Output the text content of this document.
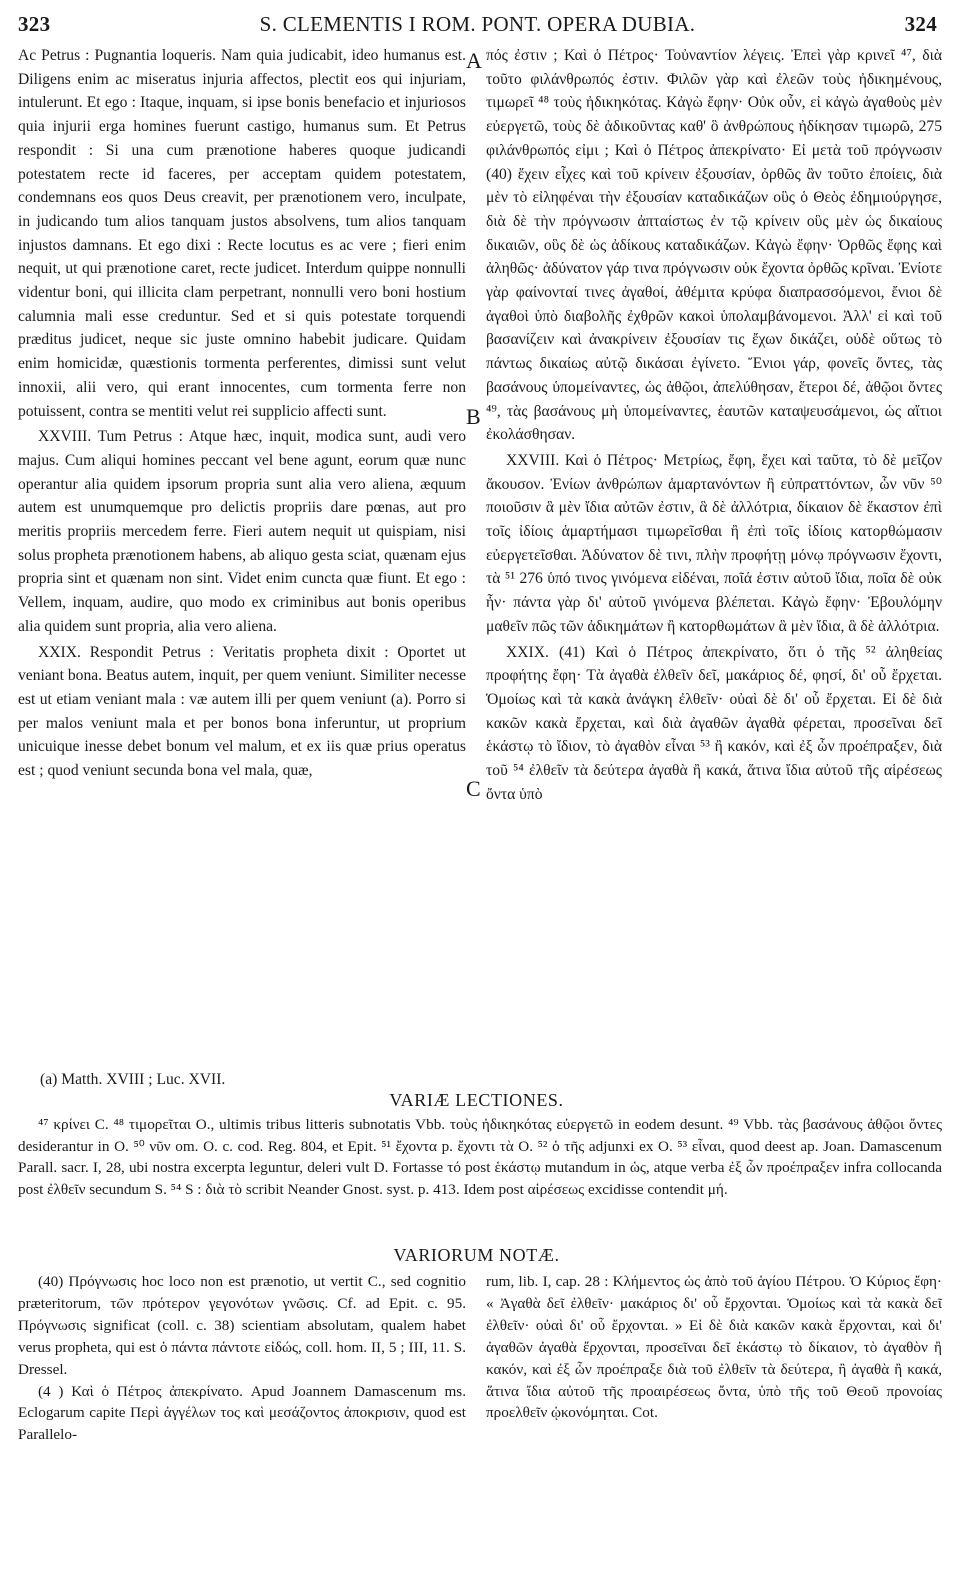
323	S. CLEMENTIS I ROM. PONT. OPERA DUBIA.	324

Ac Petrus : Pugnantia loqueris. Nam quia judicabit, ideo humanus est. Diligens enim ac miseratus injuria affectos, plectit eos qui injuriam, intulerunt. Et ego : Itaque, inquam, si ipse bonis benefacio et injuriosos quia injurii erga homines fuerunt castigo, humanus sum. Et Petrus respondit : Si una cum prænotione haberes quoque judicandi potestatem recte id faceres, per acceptam quidem potestatem, condemnans eos quos Deus creavit, per prænotionem vero, inculpate, in judicando tum alios tanquam justos absolvens, tum alios tanquam injustos damnans. Et ego dixi : Recte locutus es ac vere ; fieri enim nequit, ut qui prænotione caret, recte judicet. Interdum quippe nonnulli videntur boni, qui illicita clam perpetrant, nonnulli vero boni hostium calumnia mali esse creduntur. Sed et si quis potestate torquendi præditus judicet, neque sic juste omnino habebit judicare. Quidam enim homicidæ, quæstionis tormenta perferentes, dimissi sunt velut innoxii, alii vero, qui erant innocentes, cum tormenta ferre non potuissent, contra se mentiti velut rei supplicio affecti sunt.

XXVIII. Tum Petrus : Atque hæc, inquit, modica sunt, audi vero majus. Cum aliqui homines peccant vel bene agunt, eorum quæ nunc operantur alia quidem ipsorum propria sunt alia vero aliena, æquum autem est unumquemque pro delictis propriis dare pœnas, aut pro meritis propriis mercedem ferre. Fieri autem nequit ut quispiam, nisi solus propheta prænotionem habens, ab aliquo gesta sciat, quænam ejus propria sint et quænam non sint. Videt enim cuncta quæ fiunt. Et ego : Vellem, inquam, audire, quo modo ex criminibus aut bonis operibus alia quidem sunt propria, alia vero aliena.

XXIX. Respondit Petrus : Veritatis propheta dixit : Oportet ut veniant bona. Beatus autem, inquit, per quem veniunt. Similiter necesse est ut etiam veniant mala : væ autem illi per quem veniunt (a). Porro si per malos veniunt mala et per bonos bona inferuntur, ut proprium unicuique inesse debet bonum vel malum, et ex iis quæ prius operatus est ; quod veniunt secunda bona vel mala, quæ,

A
B
C

πός ἐστιν ; Καὶ ὁ Πέτρος· Τοὐναντίον λέγεις. Ἐπεὶ γὰρ κρινεῖ ⁴⁷, διὰ τοῦτο φιλάνθρωπός ἐστιν. Φιλῶν γὰρ καὶ ἐλεῶν τοὺς ἠδικημένους, τιμωρεῖ ⁴⁸ τοὺς ἠδικηκότας. Κἀγὼ ἔφην· Οὐκ οὖν, εἰ κἀγὼ ἀγαθοὺς μὲν εὐεργετῶ, τοὺς δὲ ἀδικοῦντας καθ' ὃ ἀνθρώπους ἠδίκησαν τιμωρῶ, 275 φιλάνθρωπός εἰμι ; Καὶ ὁ Πέτρος ἀπεκρίνατο· Εἰ μετὰ τοῦ πρόγνωσιν (40) ἔχειν εἶχες καὶ τοῦ κρίνειν ἐξουσίαν, ὀρθῶς ἂν τοῦτο ἐποίεις, διὰ μὲν τὸ εἰληφέναι τὴν ἐξουσίαν καταδικάζων οὓς ὁ Θεὸς ἐδημιούργησε, διὰ δὲ τὴν πρόγνωσιν ἀπταίστως ἐν τῷ κρίνειν οὓς μὲν ὡς δικαίους δικαιῶν, οὓς δὲ ὡς ἀδίκους καταδικάζων. Κἀγὼ ἔφην· Ὀρθῶς ἔφης καὶ ἀληθῶς· ἀδύνατον γάρ τινα πρόγνωσιν οὐκ ἔχοντα ὀρθῶς κρῖναι. Ἐνίοτε γὰρ φαίνονταί τινες ἀγαθοί, ἀθέμιτα κρύφα διαπρασσόμενοι, ἔνιοι δὲ ἀγαθοὶ ὑπὸ διαβολῆς ἐχθρῶν κακοὶ ὑπολαμβάνομενοι. Ἀλλ' εἰ καὶ τοῦ βασανίζειν καὶ ἀνακρίνειν ἐξουσίαν τις ἔχων δικάζει, οὐδὲ οὕτως τὸ πάντως δικαίως αὐτῷ δικάσαι ἐγίνετο. Ἔνιοι γάρ, φονεῖς ὄντες, τὰς βασάνους ὑπομείναντες, ὡς ἀθῷοι, ἀπελύθησαν, ἕτεροι δέ, ἀθῷοι ὄντες ⁴⁹, τὰς βασάνους μὴ ὑπομείναντες, ἑαυτῶν καταψευσάμενοι, ὡς αἴτιοι ἐκολάσθησαν.

XXVIII. Καὶ ὁ Πέτρος· Μετρίως, ἔφη, ἔχει καὶ ταῦτα, τὸ δὲ μεῖζον ἄκουσον. Ἐνίων ἀνθρώπων ἁμαρτανόντων ἢ εὐπραττόντων, ὧν νῦν ⁵⁰ ποιοῦσιν ἃ μὲν ἴδια αὐτῶν ἐστιν, ἃ δὲ ἀλλότρια, δίκαιον δὲ ἕκαστον ἐπὶ τοῖς ἰδίοις ἁμαρτήμασι τιμωρεῖσθαι ἢ ἐπὶ τοῖς ἰδίοις κατορθώμασιν εὐεργετεῖσθαι. Ἀδύνατον δὲ τινι, πλὴν προφήτῃ μόνῳ πρόγνωσιν ἔχοντι, τὰ ⁵¹ 276 ὑπό τινος γινόμενα εἰδέναι, ποῖά ἐστιν αὐτοῦ ἴδια, ποῖα δὲ οὐκ ἦν· πάντα γὰρ δι' αὐτοῦ γινόμενα βλέπεται. Κἀγὼ ἔφην· Ἐβουλόμην μαθεῖν πῶς τῶν ἀδικημάτων ἢ κατορθωμάτων ἃ μὲν ἴδια, ἃ δὲ ἀλλότρια.

XXIX. (41) Καὶ ὁ Πέτρος ἀπεκρίνατο, ὅτι ὁ τῆς ⁵² ἀληθείας προφήτης ἔφη· Τὰ ἀγαθὰ ἐλθεῖν δεῖ, μακάριος δέ, φησί, δι' οὗ ἔρχεται. Ὁμοίως καὶ τὰ κακὰ ἀνάγκη ἐλθεῖν· οὐαὶ δὲ δι' οὗ ἔρχεται. Εἰ δὲ διὰ κακῶν κακὰ ἔρχεται, καὶ διὰ ἀγαθῶν ἀγαθὰ φέρεται, προσεῖναι δεῖ ἑκάστῳ τὸ ἴδιον, τὸ ἀγαθὸν εἶναι ⁵³ ἢ κακόν, καὶ ἐξ ὧν προέπραξεν, διὰ τοῦ ⁵⁴ ἐλθεῖν τὰ δεύτερα ἀγαθὰ ἢ κακά, ἅτινα ἴδια αὐτοῦ τῆς αἱρέσεως ὄντα ὑπὸ

(a) Matth. XVIII ; Luc. XVII.
VARIÆ LECTIONES.

⁴⁷ κρίνει C. ⁴⁸ τιμορεῖται O., ultimis tribus litteris subnotatis Vbb. τοὺς ἠδικηκότας εὐεργετῶ in eodem desunt. ⁴⁹ Vbb. τὰς βασάνους ἀθῷοι ὄντες desiderantur in O. ⁵⁰ νῦν om. O. c. cod. Reg. 804, et Epit. ⁵¹ ἔχοντα p. ἔχοντι τὰ O. ⁵² ὁ τῆς adjunxi ex O. ⁵³ εἶναι, quod deest ap. Joan. Damascenum Parall. sacr. I, 28, ubi nostra excerpta leguntur, deleri vult D. Fortasse τό post ἑκάστῳ mutandum in ὡς, atque verba ἐξ ὧν προέπραξεν infra collocanda post ἐλθεῖν secundum S. ⁵⁴ S : διὰ τὸ scribit Neander Gnost. syst. p. 413. Idem post αἱρέσεως excidisse contendit μή.

VARIORUM NOTÆ.

(40) Πρόγνωσις hoc loco non est prænotio, ut vertit C., sed cognitio præteritorum, τῶν πρότερον γεγονότων γνῶσις. Cf. ad Epit. c. 95. Πρόγνωσις significat (coll. c. 38) scientiam absolutam, qualem habet verus propheta, qui est ὁ πάντα πάντοτε εἰδώς, coll. hom. II, 5 ; III, 11. S. Dressel.

(4 ) Καὶ ὁ Πέτρος ἀπεκρίνατο. Apud Joannem Damascenum ms. Eclogarum capite Περὶ ἀγγέλων τος καὶ μεσάζοντος ἀποκρισιν, quod est Parallelo-

rum, lib. I, cap. 28 : Κλήμεντος ὡς ἀπὸ τοῦ ἁγίου Πέτρου. Ὁ Κύριος ἔφη· « Ἀγαθὰ δεῖ ἐλθεῖν· μακάριος δι' οὗ ἔρχονται. Ὁμοίως καὶ τὰ κακὰ δεῖ ἐλθεῖν· οὐαὶ δι' οὗ ἔρχονται. » Εἰ δὲ διὰ κακῶν κακὰ ἔρχονται, καὶ δι' ἀγαθῶν ἀγαθὰ ἔρχονται, προσεῖναι δεῖ ἑκάστῳ τὸ δίκαιον, τὸ ἀγαθὸν ἢ κακόν, καὶ ἐξ ὧν προέπραξε διὰ τοῦ ἐλθεῖν τὰ δεύτερα, ἢ ἀγαθὰ ἢ κακά, ἅτινα ἴδια αὐτοῦ τῆς προαιρέσεως ὄντα, ὑπὸ τῆς τοῦ Θεοῦ προνοίας προελθεῖν ᾠκονόμηται. Cot.
